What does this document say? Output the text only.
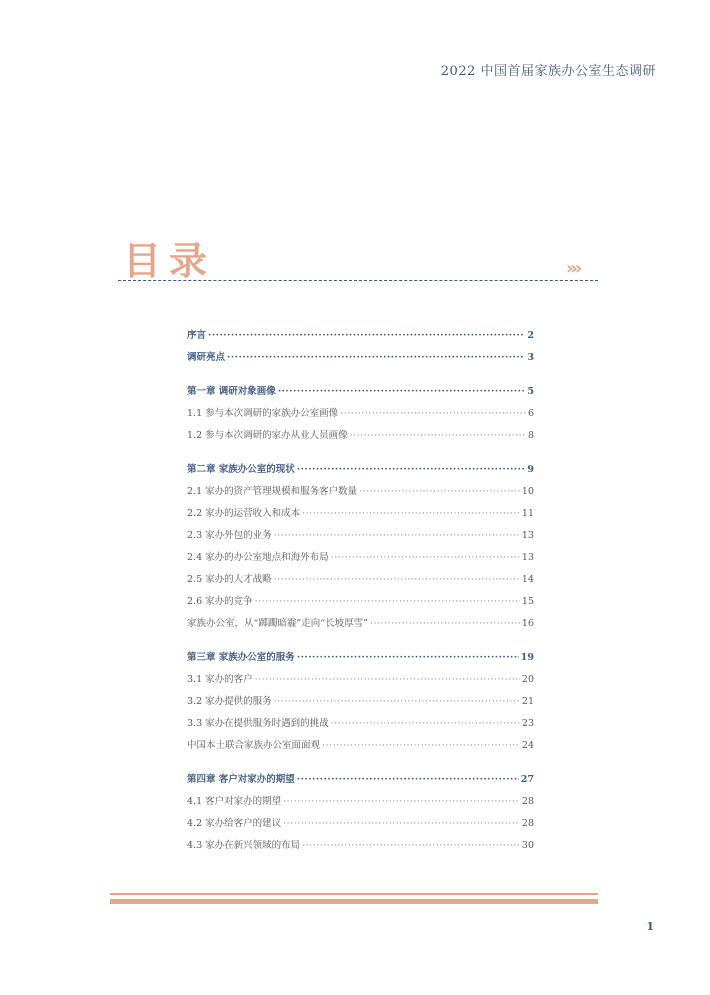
2022 中国首届家族办公室生态调研
目录	›››
序言 ·····	2
调研亮点 ·····	3
第一章 调研对象画像 ·····	5
1.1 参与本次调研的家族办公室画像 ·····	6
1.2 参与本次调研的家办从业人员画像 ·····	8
第二章 家族办公室的现状 ·····	9
2.1 家办的资产管理规模和服务客户数量 ·····	10
2.2 家办的运营收入和成本 ·····	11
2.3 家办外包的业务 ·····	13
2.4 家办的办公室地点和海外布局 ·····	13
2.5 家办的人才战略 ·····	14
2.6 家办的竞争 ·····	15
家族办公室，从“踯躅暗霾”走向“长坡厚雪” ·····	16
第三章 家族办公室的服务 ·····	19
3.1 家办的客户 ·····	20
3.2 家办提供的服务 ·····	21
3.3 家办在提供服务时遇到的挑战 ·····	23
中国本土联合家族办公室面面观 ·····	24
第四章 客户对家办的期望 ·····	27
4.1 客户对家办的期望 ·····	28
4.2 家办给客户的建议 ·····	28
4.3 家办在新兴领域的布局 ·····	30
1
